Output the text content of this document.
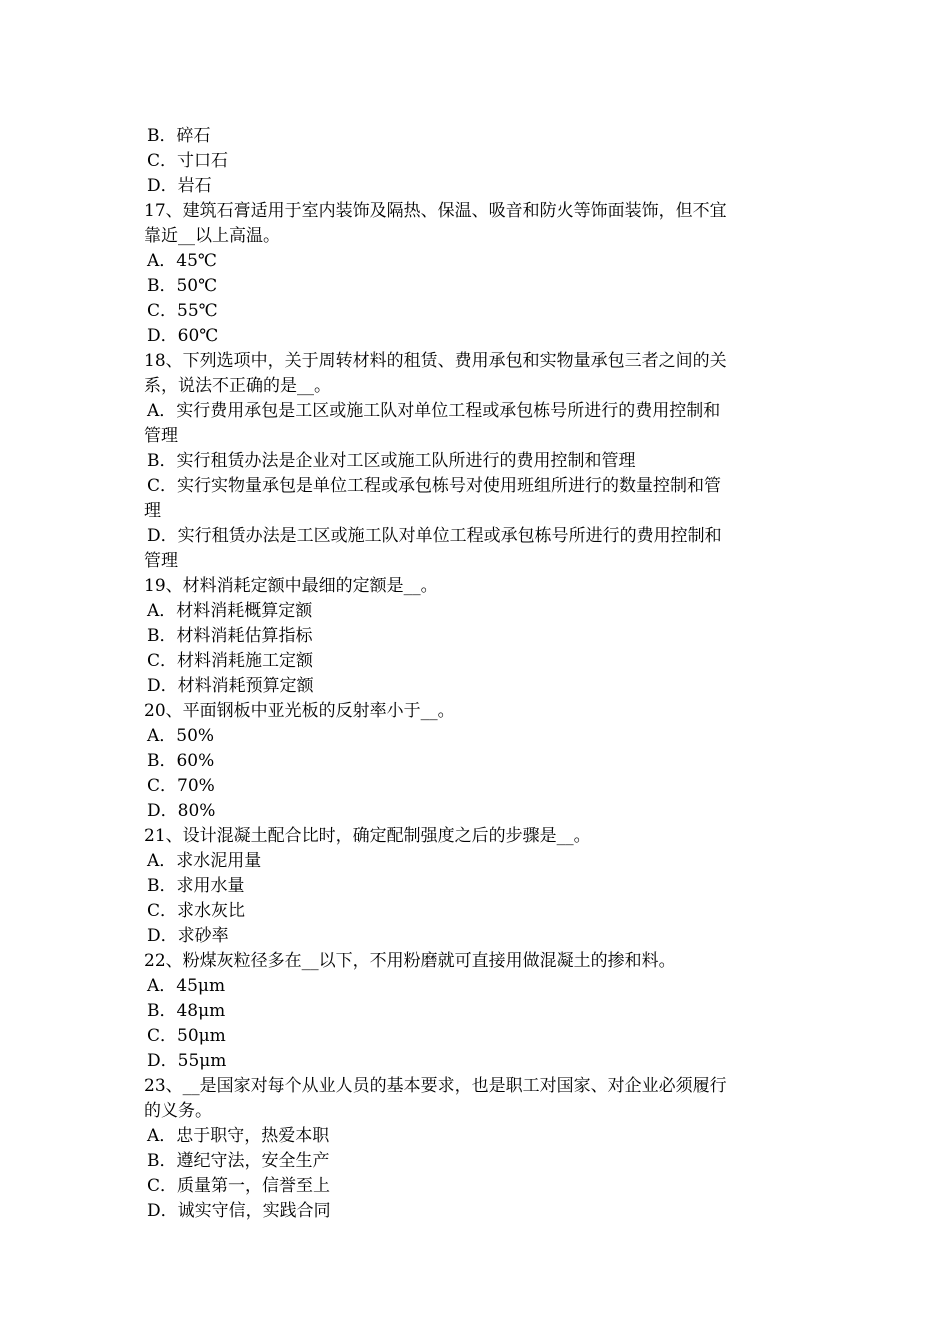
B．碎石

C．寸口石

D．岩石

17、建筑石膏适用于室内装饰及隔热、保温、吸音和防火等饰面装饰，但不宜

靠近__以上高温。

A．45℃

B．50℃

C．55℃

D．60℃

18、下列选项中，关于周转材料的租赁、费用承包和实物量承包三者之间的关

系，说法不正确的是__。

A．实行费用承包是工区或施工队对单位工程或承包栋号所进行的费用控制和

管理

B．实行租赁办法是企业对工区或施工队所进行的费用控制和管理

C．实行实物量承包是单位工程或承包栋号对使用班组所进行的数量控制和管

理

D．实行租赁办法是工区或施工队对单位工程或承包栋号所进行的费用控制和

管理

19、材料消耗定额中最细的定额是__。

A．材料消耗概算定额

B．材料消耗估算指标

C．材料消耗施工定额

D．材料消耗预算定额

20、平面钢板中亚光板的反射率小于__。

A．50%

B．60%

C．70%

D．80%

21、设计混凝土配合比时，确定配制强度之后的步骤是__。

A．求水泥用量

B．求用水量

C．求水灰比

D．求砂率

22、粉煤灰粒径多在__以下，不用粉磨就可直接用做混凝土的掺和料。

A．45μm

B．48μm

C．50μm

D．55μm

23、__是国家对每个从业人员的基本要求，也是职工对国家、对企业必须履行

的义务。

A．忠于职守，热爱本职

B．遵纪守法，安全生产

C．质量第一，信誉至上

D．诚实守信，实践合同
